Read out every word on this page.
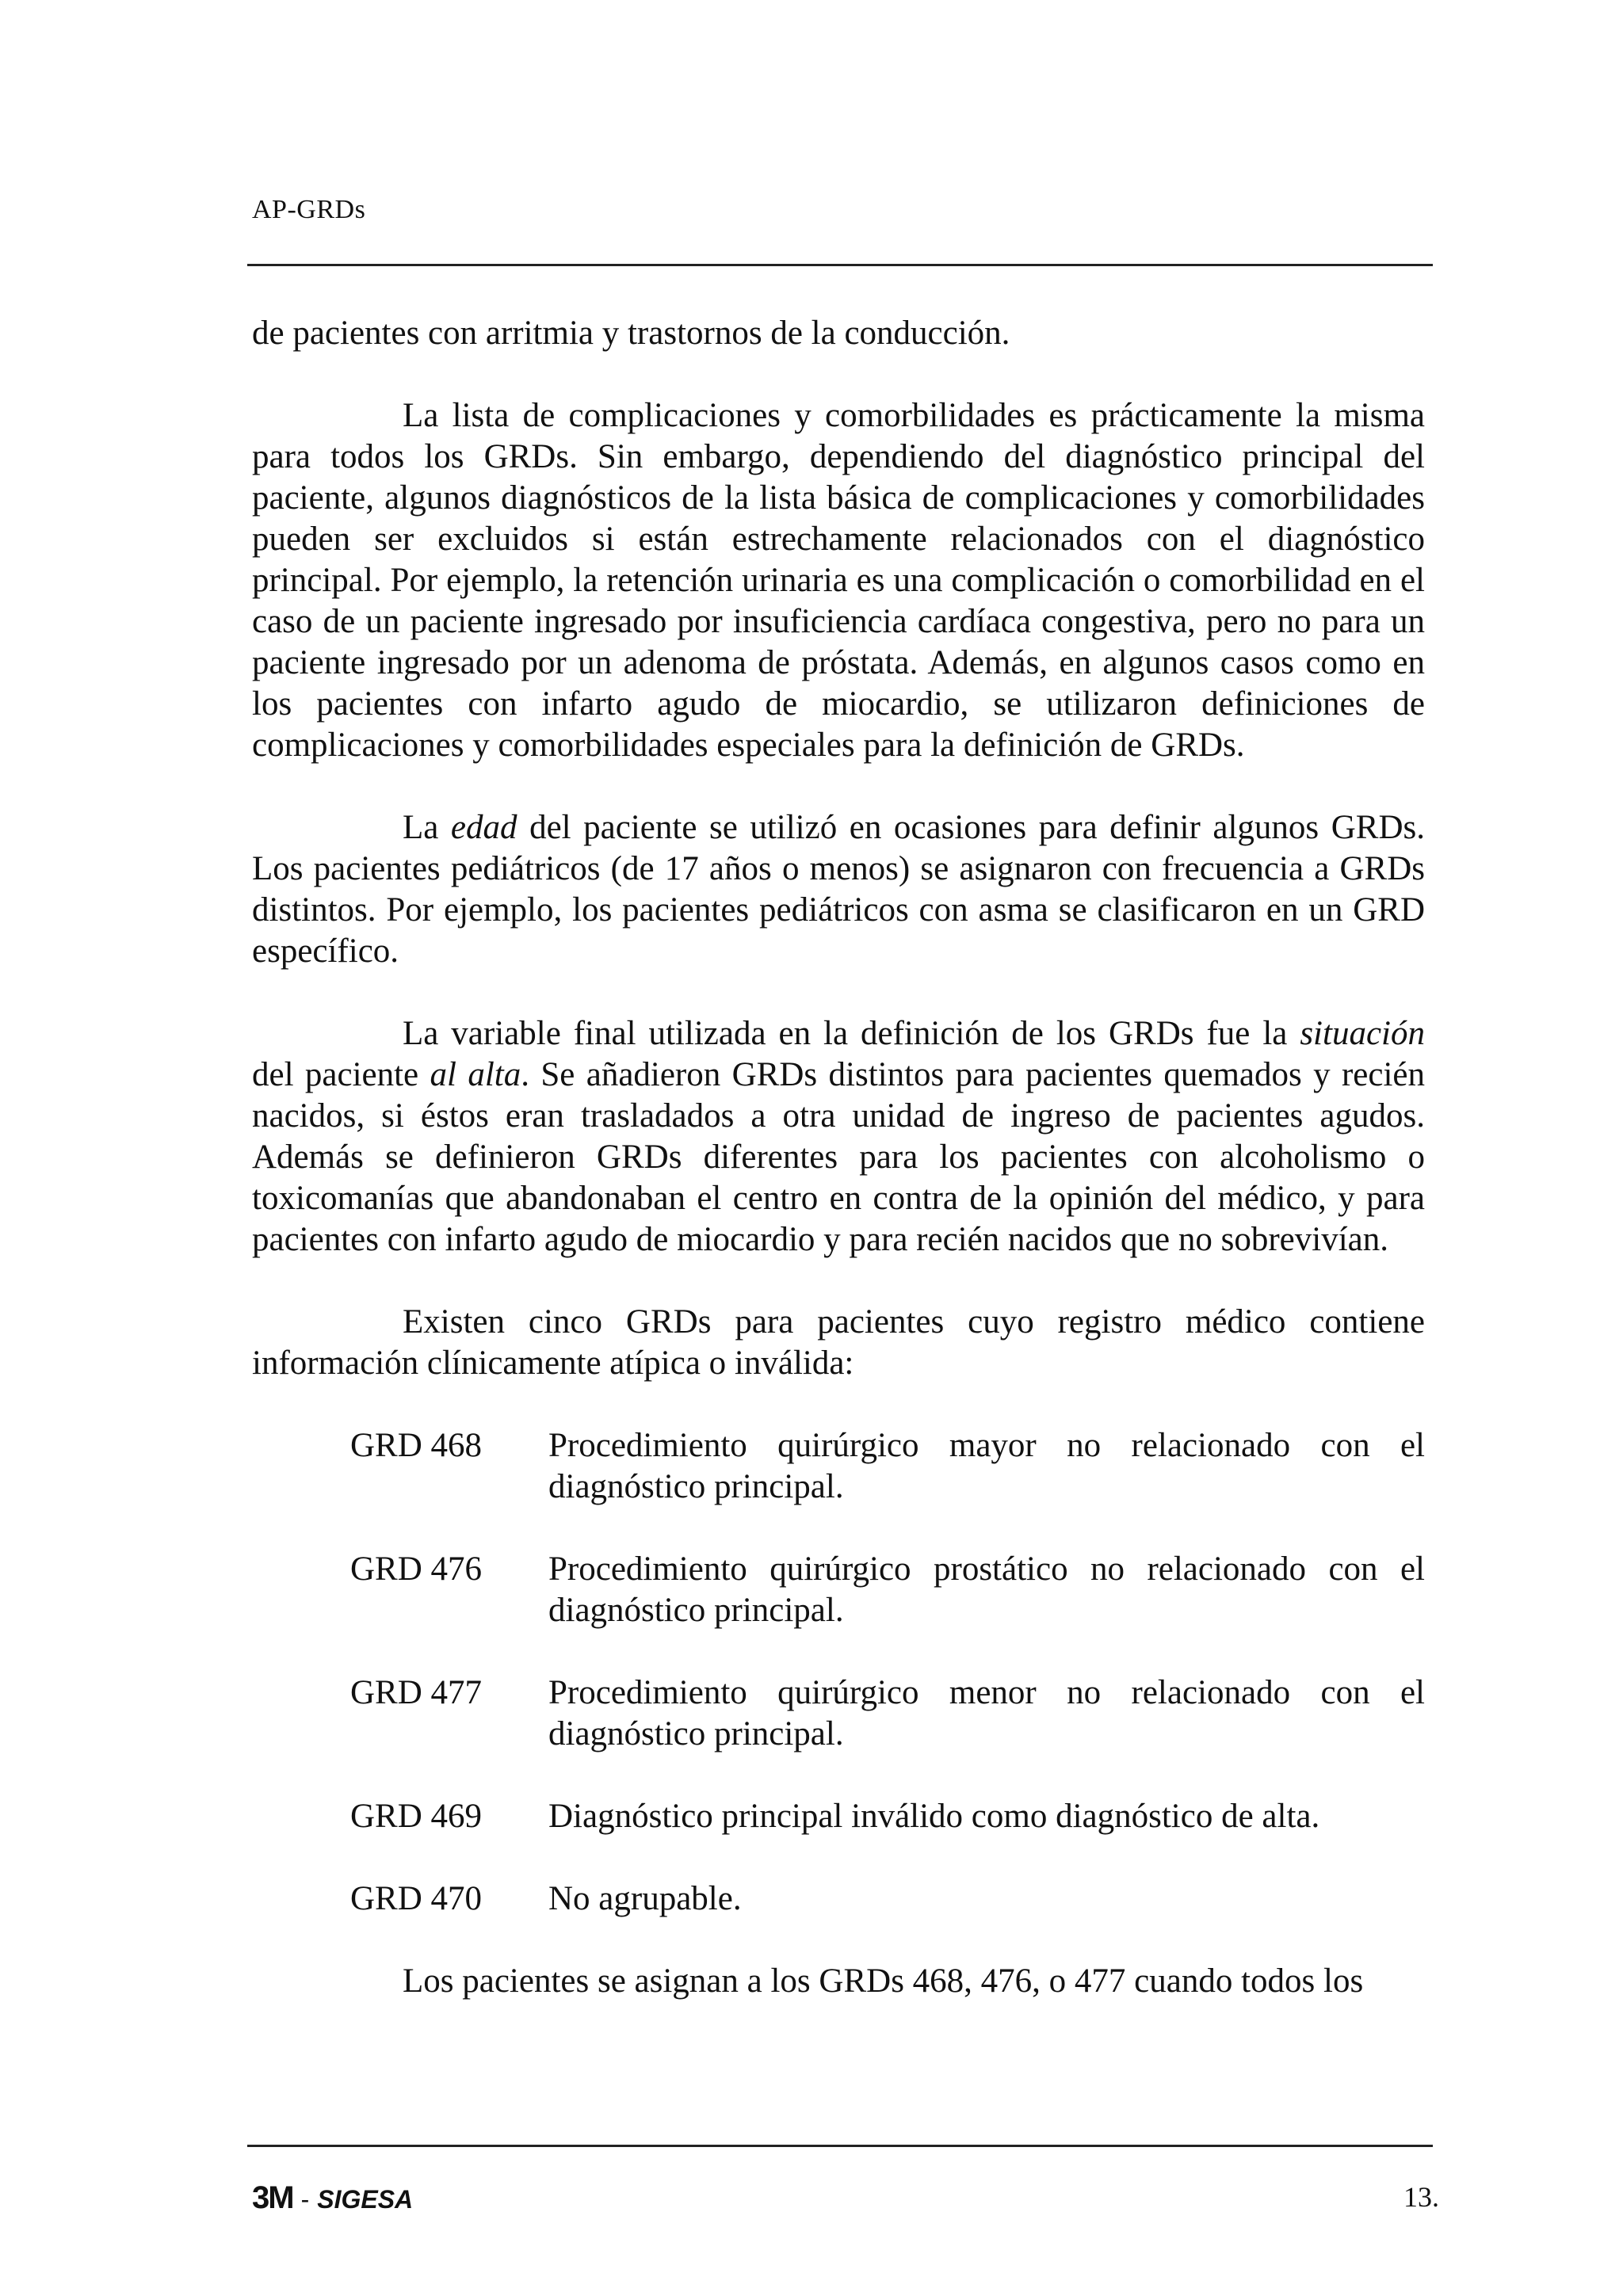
AP-GRDs

de pacientes con arritmia y trastornos de la conducción.

La lista de complicaciones y comorbilidades es prácticamente la misma para todos los GRDs. Sin embargo, dependiendo del diagnóstico principal del paciente, algunos diagnósticos de la lista básica de complicaciones y comorbilidades pueden ser excluidos si están estrechamente relacionados con el diagnóstico principal. Por ejemplo, la retención urinaria es una complicación o comorbilidad en el caso de un paciente ingresado por insuficiencia cardíaca congestiva, pero no para un paciente ingresado por un adenoma de próstata. Además, en algunos casos como en los pacientes con infarto agudo de miocardio, se utilizaron definiciones de complicaciones y comorbilidades especiales para la definición de GRDs.

La edad del paciente se utilizó en ocasiones para definir algunos GRDs. Los pacientes pediátricos (de 17 años o menos) se asignaron con frecuencia a GRDs distintos. Por ejemplo, los pacientes pediátricos con asma se clasificaron en un GRD específico.

La variable final utilizada en la definición de los GRDs fue la situación del paciente al alta. Se añadieron GRDs distintos para pacientes quemados y recién nacidos, si éstos eran trasladados a otra unidad de ingreso de pacientes agudos. Además se definieron GRDs diferentes para los pacientes con alcoholismo o toxicomanías que abandonaban el centro en contra de la opinión del médico, y para pacientes con infarto agudo de miocardio y para recién nacidos que no sobrevivían.

Existen cinco GRDs para pacientes cuyo registro médico contiene información clínicamente atípica o inválida:

GRD 468	Procedimiento quirúrgico mayor no relacionado con el diagnóstico principal.
GRD 476	Procedimiento quirúrgico prostático no relacionado con el diagnóstico principal.
GRD 477	Procedimiento quirúrgico menor no relacionado con el diagnóstico principal.
GRD 469	Diagnóstico principal inválido como diagnóstico de alta.
GRD 470	No agrupable.

Los pacientes se asignan a los GRDs 468, 476, o 477 cuando todos los

3M - SIGESA	13.
